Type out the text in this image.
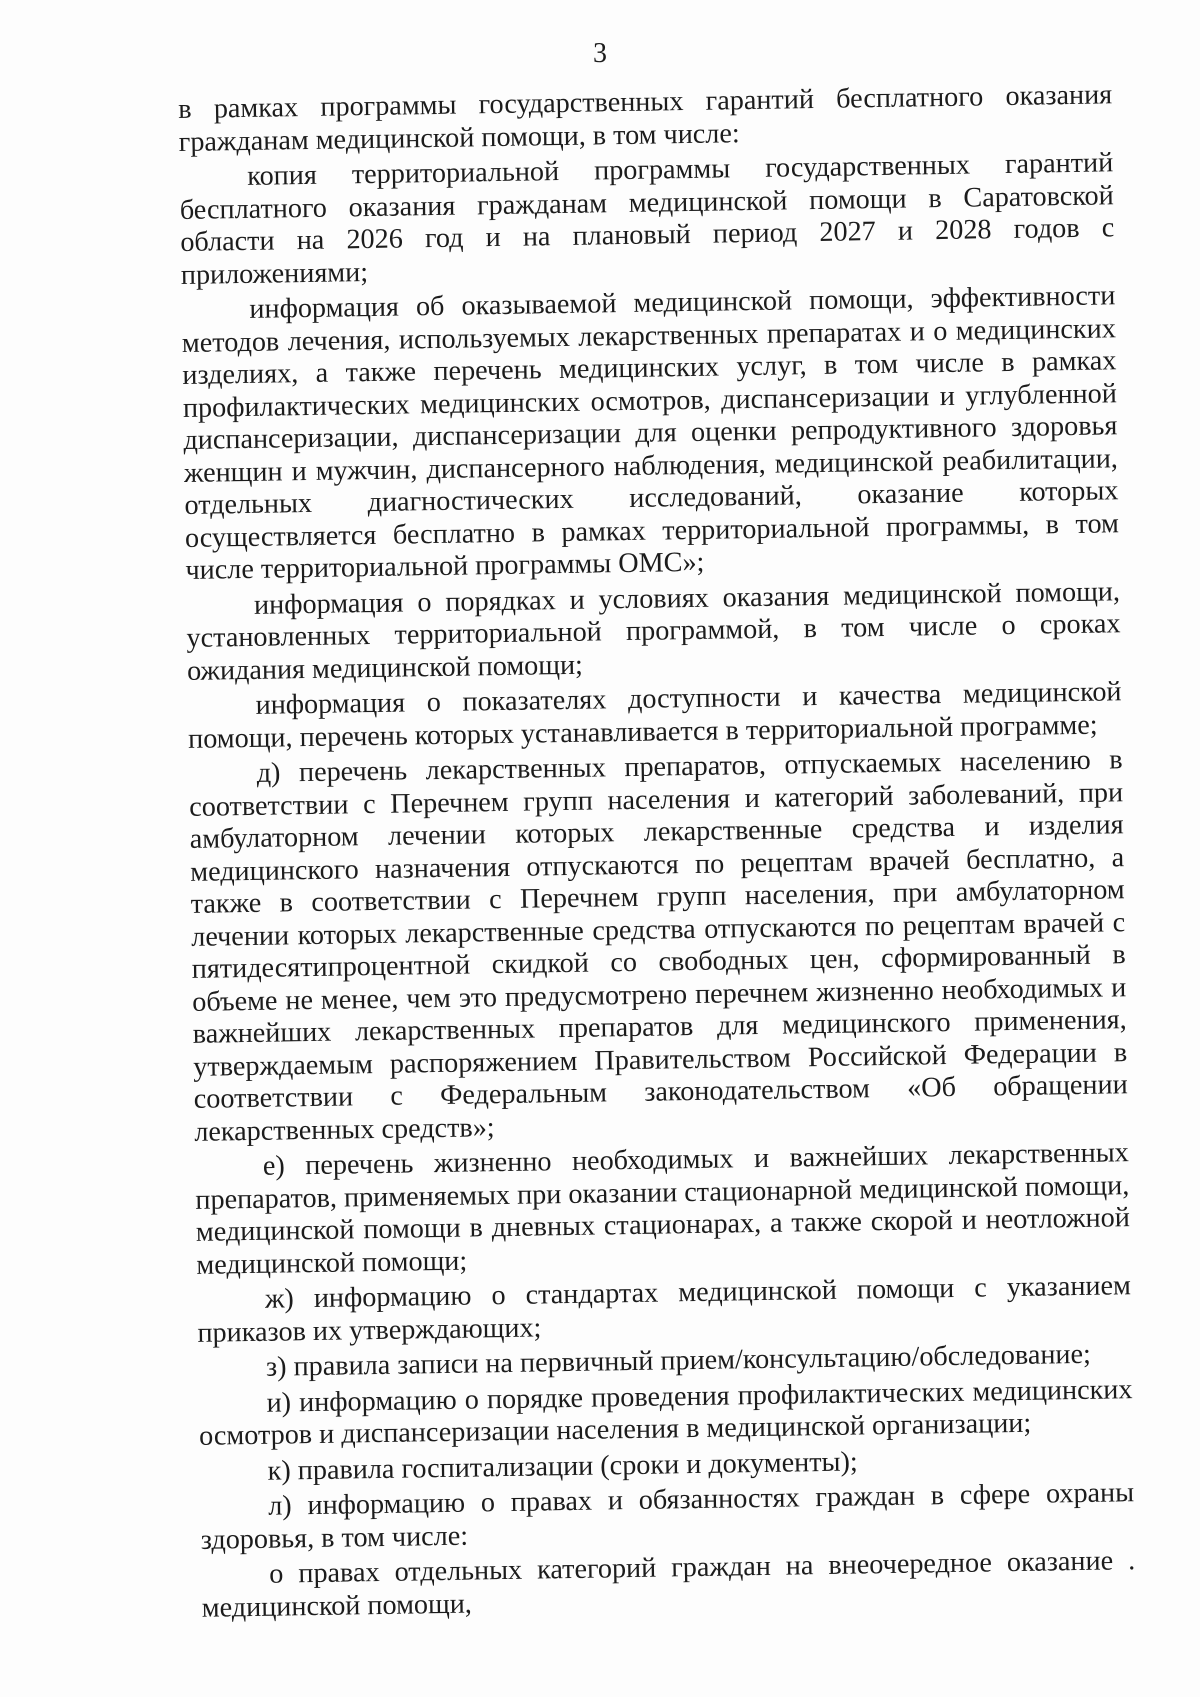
3

в рамках программы государственных гарантий бесплатного оказания гражданам медицинской помощи, в том числе:

копия территориальной программы государственных гарантий бесплатного оказания гражданам медицинской помощи в Саратовской области на 2026 год и на плановый период 2027 и 2028 годов с приложениями;

информация об оказываемой медицинской помощи, эффективности методов лечения, используемых лекарственных препаратах и о медицинских изделиях, а также перечень медицинских услуг, в том числе в рамках профилактических медицинских осмотров, диспансеризации и углубленной диспансеризации, диспансеризации для оценки репродуктивного здоровья женщин и мужчин, диспансерного наблюдения, медицинской реабилитации, отдельных диагностических исследований, оказание которых осуществляется бесплатно в рамках территориальной программы, в том числе территориальной программы ОМС»;

информация о порядках и условиях оказания медицинской помощи, установленных территориальной программой, в том числе о сроках ожидания медицинской помощи;

информация о показателях доступности и качества медицинской помощи, перечень которых устанавливается в территориальной программе;

д) перечень лекарственных препаратов, отпускаемых населению в соответствии с Перечнем групп населения и категорий заболеваний, при амбулаторном лечении которых лекарственные средства и изделия медицинского назначения отпускаются по рецептам врачей бесплатно, а также в соответствии с Перечнем групп населения, при амбулаторном лечении которых лекарственные средства отпускаются по рецептам врачей с пятидесятипроцентной скидкой со свободных цен, сформированный в объеме не менее, чем это предусмотрено перечнем жизненно необходимых и важнейших лекарственных препаратов для медицинского применения, утверждаемым распоряжением Правительством Российской Федерации в соответствии с Федеральным законодательством «Об обращении лекарственных средств»;

е) перечень жизненно необходимых и важнейших лекарственных препаратов, применяемых при оказании стационарной медицинской помощи, медицинской помощи в дневных стационарах, а также скорой и неотложной медицинской помощи;

ж) информацию о стандартах медицинской помощи с указанием приказов их утверждающих;

з) правила записи на первичный прием/консультацию/обследование;

и) информацию о порядке проведения профилактических медицинских осмотров и диспансеризации населения в медицинской организации;

к) правила госпитализации (сроки и документы);

л) информацию о правах и обязанностях граждан в сфере охраны здоровья, в том числе:

о правах отдельных категорий граждан на внеочередное оказание . медицинской помощи,
